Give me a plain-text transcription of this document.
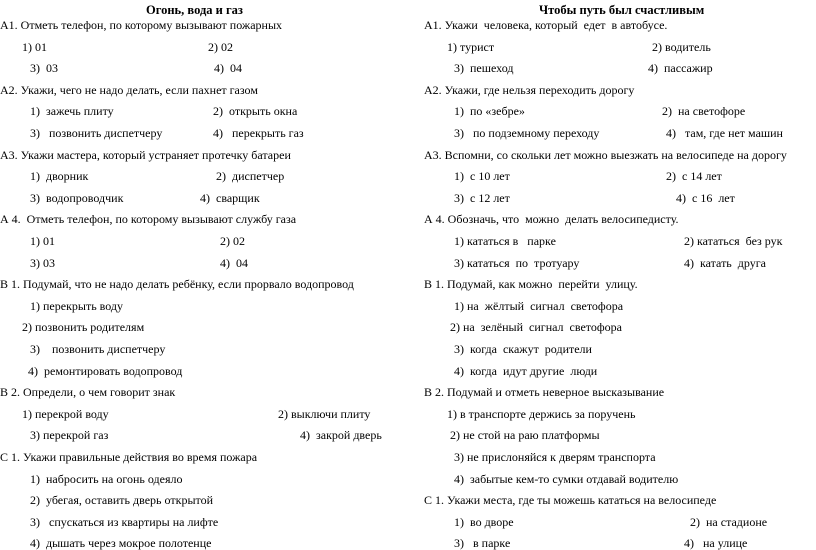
Огонь, вода и газ
А1. Отметь телефон, по которому вызывают пожарных
1) 01	2) 02
3)  03	4)  04
А2. Укажи, чего не надо делать, если пахнет газом
1)  зажечь плиту	2)  открыть окна
3)   позвонить диспетчеру	4)   перекрыть газ
А3. Укажи мастера, который устраняет протечку батареи
1)  дворник	2)  диспетчер
3)  водопроводчик	4)  сварщик
А 4.  Отметь телефон, по которому вызывают службу газа
1) 01	2) 02
3) 03	4)  04
В 1. Подумай, что не надо делать ребёнку, если прорвало водопровод
1) перекрыть воду
2) позвонить родителям
3)    позвонить диспетчеру
4)  ремонтировать водопровод
В 2. Определи, о чем говорит знак
1) перекрой воду	2) выключи плиту
3) перекрой газ	4)  закрой дверь
С 1. Укажи правильные действия во время пожара
1)  набросить на огонь одеяло
2)  убегая, оставить дверь открытой
3)   спускаться из квартиры на лифте
4)  дышать через мокрое полотенце
Чтобы путь был счастливым
А1. Укажи  человека, который  едет  в автобусе.
1) турист	2) водитель
3)  пешеход	4)  пассажир
А2. Укажи, где нельзя переходить дорогу
1)  по «зебре»	2)  на светофоре
3)   по подземному переходу	4)   там, где нет машин
А3. Вспомни, со скольки лет можно выезжать на велосипеде на дорогу
1)  с 10 лет	2)  с 14 лет
3)  с 12 лет	4)  с 16  лет
А 4. Обозначь, что  можно  делать велосипедисту.
1) кататься в   парке	2) кататься  без рук
3) кататься  по  тротуару	4)  катать  друга
В 1. Подумай, как можно  перейти  улицу.
1) на  жёлтый  сигнал  светофора
2) на  зелёный  сигнал  светофора
3)  когда  скажут  родители
4)  когда  идут другие  люди
В 2. Подумай и отметь неверное высказывание
1) в транспорте держись за поручень
2) не стой на раю платформы
3) не прислоняйся к дверям транспорта
4)  забытые кем-то сумки отдавай водителю
С 1. Укажи места, где ты можешь кататься на велосипеде
1)  во дворе	2)  на стадионе
3)   в парке	4)   на улице
